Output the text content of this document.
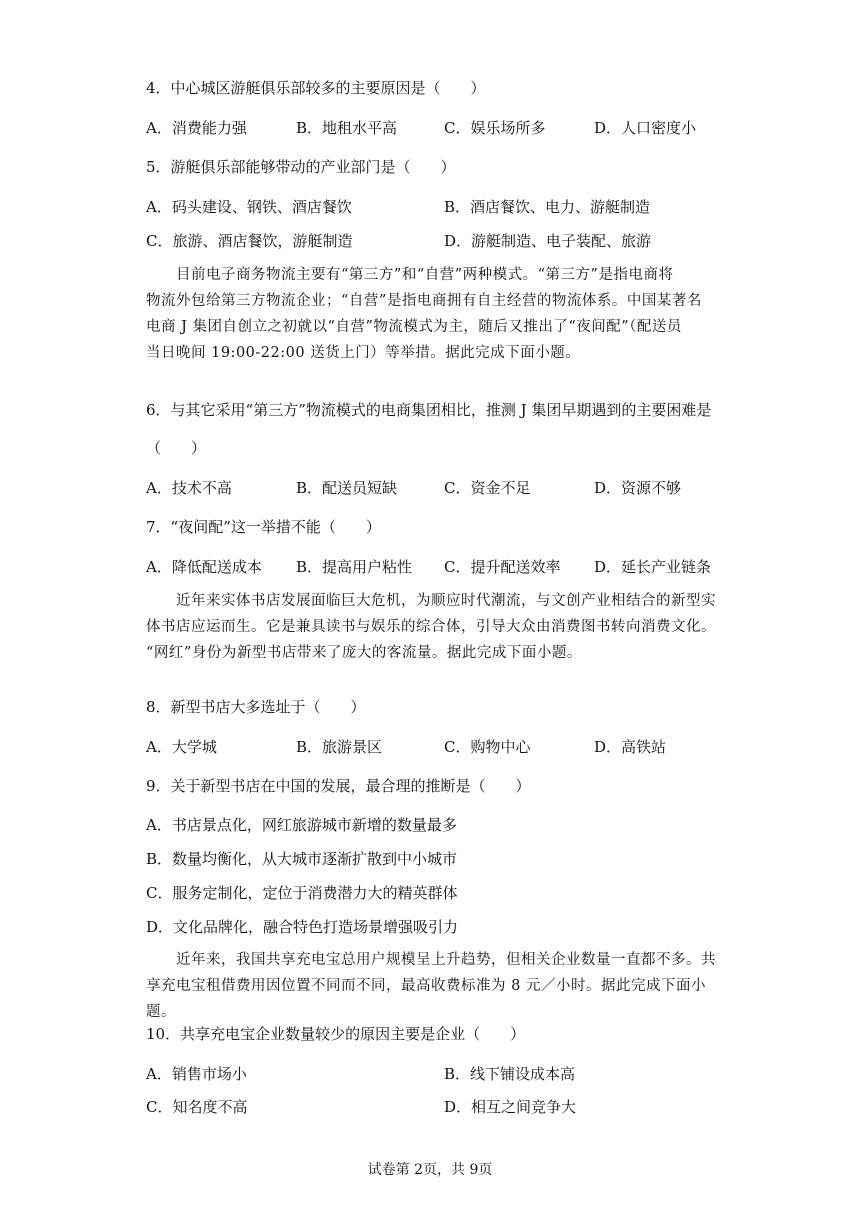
4．中心城区游艇俱乐部较多的主要原因是（　　）
A．消费能力强	B．地租水平高	C．娱乐场所多	D．人口密度小
5．游艇俱乐部能够带动的产业部门是（　　）
A．码头建设、钢铁、酒店餐饮	B．酒店餐饮、电力、游艇制造
C．旅游、酒店餐饮，游艇制造	D．游艇制造、电子装配、旅游
目前电子商务物流主要有“第三方”和“自营”两种模式。“第三方”是指电商将
物流外包给第三方物流企业；“自营”是指电商拥有自主经营的物流体系。中国某著名
电商 J 集团自创立之初就以“自营”物流模式为主，随后又推出了“夜间配”（配送员
当日晚间 19:00-22:00 送货上门）等举措。据此完成下面小题。
6．与其它采用“第三方”物流模式的电商集团相比，推测 J 集团早期遇到的主要困难是
（　　）
A．技术不高	B．配送员短缺	C．资金不足	D．资源不够
7．“夜间配”这一举措不能（　　）
A．降低配送成本 B．提高用户粘性 C．提升配送效率 D．延长产业链条
近年来实体书店发展面临巨大危机，为顺应时代潮流，与文创产业相结合的新型实
体书店应运而生。它是兼具读书与娱乐的综合体，引导大众由消费图书转向消费文化。
“网红”身份为新型书店带来了庞大的客流量。据此完成下面小题。
8．新型书店大多选址于（　　）
A．大学城	B．旅游景区	C．购物中心	D．高铁站
9．关于新型书店在中国的发展，最合理的推断是（　　）
A．书店景点化，网红旅游城市新增的数量最多
B．数量均衡化，从大城市逐渐扩散到中小城市
C．服务定制化，定位于消费潜力大的精英群体
D．文化品牌化，融合特色打造场景增强吸引力
近年来，我国共享充电宝总用户规模呈上升趋势，但相关企业数量一直都不多。共
享充电宝租借费用因位置不同而不同，最高收费标准为 8 元／小时。据此完成下面小题。
10．共享充电宝企业数量较少的原因主要是企业（　　）
A．销售市场小	B．线下铺设成本高
C．知名度不高	D．相互之间竞争大
试卷第 2页，共 9页
